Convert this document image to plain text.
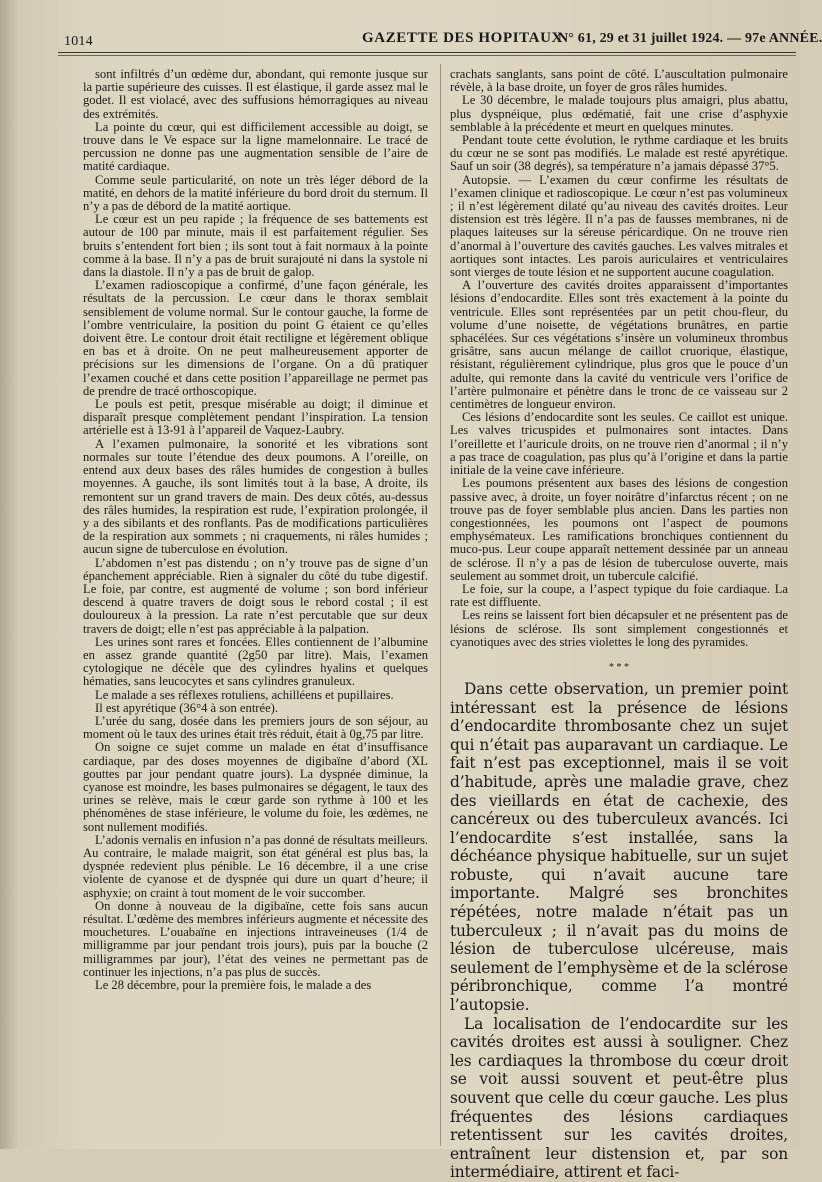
1014	GAZETTE DES HOPITAUX
N° 61, 29 et 31 juillet 1924. — 97e ANNÉE.

sont infiltrés d’un œdème dur, abondant, qui remonte jusque sur la partie supérieure des cuisses. Il est élastique, il garde assez mal le godet. Il est violacé, avec des suffusions hémorragiques au niveau des extrémités.

La pointe du cœur, qui est difficilement accessible au doigt, se trouve dans le Ve espace sur la ligne mamelonnaire. Le tracé de percussion ne donne pas une augmentation sensible de l’aire de matité cardiaque.

Comme seule particularité, on note un très léger débord de la matité, en dehors de la matité inférieure du bord droit du sternum. Il n’y a pas de débord de la matité aortique.

Le cœur est un peu rapide ; la fréquence de ses battements est autour de 100 par minute, mais il est parfaitement régulier. Ses bruits s’entendent fort bien ; ils sont tout à fait normaux à la pointe comme à la base. Il n’y a pas de bruit surajouté ni dans la systole ni dans la diastole. Il n’y a pas de bruit de galop.

L’examen radioscopique a confirmé, d’une façon générale, les résultats de la percussion. Le cœur dans le thorax semblait sensiblement de volume normal. Sur le contour gauche, la forme de l’ombre ventriculaire, la position du point G étaient ce qu’elles doivent être. Le contour droit était rectiligne et légèrement oblique en bas et à droite. On ne peut malheureusement apporter de précisions sur les dimensions de l’organe. On a dû pratiquer l’examen couché et dans cette position l’appareillage ne permet pas de prendre de tracé orthoscopique.

Le pouls est petit, presque misérable au doigt; il diminue et disparaît presque complètement pendant l’inspiration. La tension artérielle est à 13-91 à l’appareil de Vaquez-Laubry.

A l’examen pulmonaire, la sonorité et les vibrations sont normales sur toute l’étendue des deux poumons. A l’oreille, on entend aux deux bases des râles humides de congestion à bulles moyennes. A gauche, ils sont limités tout à la base, A droite, ils remontent sur un grand travers de main. Des deux côtés, au-dessus des râles humides, la respiration est rude, l’expiration prolongée, il y a des sibilants et des ronflants. Pas de modifications particulières de la respiration aux sommets ; ni craquements, ni râles humides ; aucun signe de tuberculose en évolution.

L’abdomen n’est pas distendu ; on n’y trouve pas de signe d’un épanchement appréciable. Rien à signaler du côté du tube digestif. Le foie, par contre, est augmenté de volume ; son bord inférieur descend à quatre travers de doigt sous le rebord costal ; il est douloureux à la pression. La rate n’est percutable que sur deux travers de doigt; elle n’est pas appréciable à la palpation.

Les urines sont rares et foncées. Elles contiennent de l’albumine en assez grande quantité (2g50 par litre). Mais, l’examen cytologique ne décèle que des cylindres hyalins et quelques hématies, sans leucocytes et sans cylindres granuleux.

Le malade a ses réflexes rotuliens, achilléens et pupillaires.

Il est apyrétique (36°4 à son entrée).

L’urée du sang, dosée dans les premiers jours de son séjour, au moment où le taux des urines était très réduit, était à 0g,75 par litre.

On soigne ce sujet comme un malade en état d’insuffisance cardiaque, par des doses moyennes de digibaïne d’abord (XL gouttes par jour pendant quatre jours). La dyspnée diminue, la cyanose est moindre, les bases pulmonaires se dégagent, le taux des urines se relève, mais le cœur garde son rythme à 100 et les phénomènes de stase inférieure, le volume du foie, les œdèmes, ne sont nullement modifiés.

L’adonis vernalis en infusion n’a pas donné de résultats meilleurs. Au contraire, le malade maigrit, son état général est plus bas, la dyspnée redevient plus pénible. Le 16 décembre, il a une crise violente de cyanose et de dyspnée qui dure un quart d’heure; il asphyxie; on craint à tout moment de le voir succomber.

On donne à nouveau de la digibaïne, cette fois sans aucun résultat. L’œdème des membres inférieurs augmente et nécessite des mouchetures. L’ouabaïne en injections intraveineuses (1/4 de milligramme par jour pendant trois jours), puis par la bouche (2 milligrammes par jour), l’état des veines ne permettant pas de continuer les injections, n’a pas plus de succès.

Le 28 décembre, pour la première fois, le malade a des

crachats sanglants, sans point de côté. L’auscultation pulmonaire révèle, à la base droite, un foyer de gros râles humides.

Le 30 décembre, le malade toujours plus amaigri, plus abattu, plus dyspnéique, plus œdématié, fait une crise d’asphyxie semblable à la précédente et meurt en quelques minutes.

Pendant toute cette évolution, le rythme cardiaque et les bruits du cœur ne se sont pas modifiés. Le malade est resté apyrétique. Sauf un soir (38 degrés), sa température n’a jamais dépassé 37°5.

Autopsie. — L’examen du cœur confirme les résultats de l’examen clinique et radioscopique. Le cœur n’est pas volumineux ; il n’est légèrement dilaté qu’au niveau des cavités droites. Leur distension est très légère. Il n’a pas de fausses membranes, ni de plaques laiteuses sur la séreuse péricardique. On ne trouve rien d’anormal à l’ouverture des cavités gauches. Les valves mitrales et aortiques sont intactes. Les parois auriculaires et ventriculaires sont vierges de toute lésion et ne supportent aucune coagulation.

A l’ouverture des cavités droites apparaissent d’importantes lésions d’endocardite. Elles sont très exactement à la pointe du ventricule. Elles sont représentées par un petit chou-fleur, du volume d’une noisette, de végétations brunâtres, en partie sphacélées. Sur ces végétations s’insère un volumineux thrombus grisâtre, sans aucun mélange de caillot cruorique, élastique, résistant, régulièrement cylindrique, plus gros que le pouce d’un adulte, qui remonte dans la cavité du ventricule vers l’orifice de l’artère pulmonaire et pénètre dans le tronc de ce vaisseau sur 2 centimètres de longueur environ.

Ces lésions d’endocardite sont les seules. Ce caillot est unique. Les valves tricuspides et pulmonaires sont intactes. Dans l’oreillette et l’auricule droits, on ne trouve rien d’anormal ; il n’y a pas trace de coagulation, pas plus qu’à l’origine et dans la partie initiale de la veine cave inférieure.

Les poumons présentent aux bases des lésions de congestion passive avec, à droite, un foyer noirâtre d’infarctus récent ; on ne trouve pas de foyer semblable plus ancien. Dans les parties non congestionnées, les poumons ont l’aspect de poumons emphysémateux. Les ramifications bronchiques contiennent du muco-pus. Leur coupe apparaît nettement dessinée par un anneau de sclérose. Il n’y a pas de lésion de tuberculose ouverte, mais seulement au sommet droit, un tubercule calcifié.

Le foie, sur la coupe, a l’aspect typique du foie cardiaque. La rate est diffluente.

Les reins se laissent fort bien décapsuler et ne présentent pas de lésions de sclérose. Ils sont simplement congestionnés et cyanotiques avec des stries violettes le long des pyramides.

* * *

Dans cette observation, un premier point intéressant est la présence de lésions d’endocardite thrombosante chez un sujet qui n’était pas auparavant un cardiaque. Le fait n’est pas exceptionnel, mais il se voit d’habitude, après une maladie grave, chez des vieillards en état de cachexie, des cancéreux ou des tuberculeux avancés. Ici l’endocardite s’est installée, sans la déchéance physique habituelle, sur un sujet robuste, qui n’avait aucune tare importante. Malgré ses bronchites répétées, notre malade n’était pas un tuberculeux ; il n’avait pas du moins de lésion de tuberculose ulcéreuse, mais seulement de l’emphysème et de la sclérose péribronchique, comme l’a montré l’autopsie.

La localisation de l’endocardite sur les cavités droites est aussi à souligner. Chez les cardiaques la thrombose du cœur droit se voit aussi souvent et peut-être plus souvent que celle du cœur gauche. Les plus fréquentes des lésions cardiaques retentissent sur les cavités droites, entraînent leur distension et, par son intermédiaire, attirent et faci-
